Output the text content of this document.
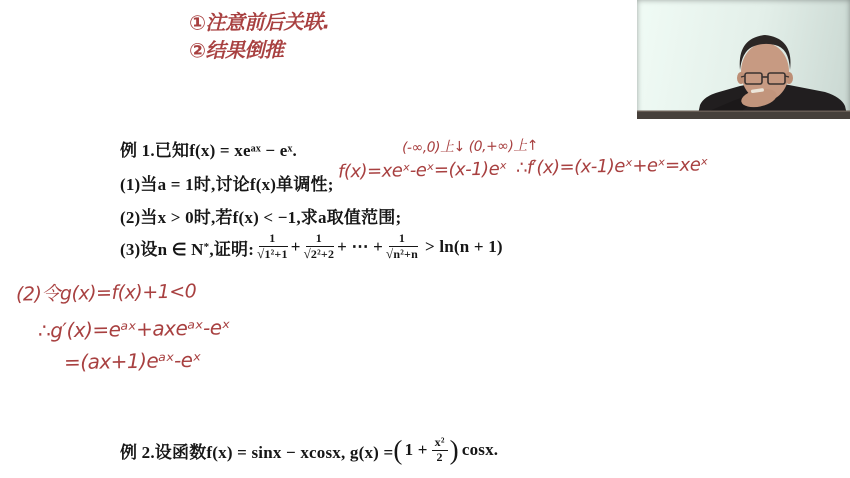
①注意前后关联.
②结果倒推
例 1.已知f(x) = xeᵃˣ − eˣ.
(1)当a = 1时,讨论f(x)单调性;
(2)当x > 0时,若f(x) < −1,求a取值范围;
(3)设n ∈ N * ,证明: $\frac{1}{\text{√1²+1}} + \frac{1}{\text{√2²+2}}$ + ⋯ + $\frac{1}{\text{√n²+n}} > \ln(n + 1)$
(-∞,0)上↓ (0,+∞)上↑
f(x)=xeˣ-eˣ=(x-1)eˣ ∴f′(x)=(x-1)eˣ+eˣ=xeˣ
(2)令g(x)=f(x)+1<0
∴g′(x)=eᵃˣ+axeᵃˣ-eˣ
=(ax+1)eᵃˣ-eˣ
例 2.设函数f(x) = sinx − xcosx, g(x) = ( $1 + \frac{\text{x²}}{2}$ ) cosx.
